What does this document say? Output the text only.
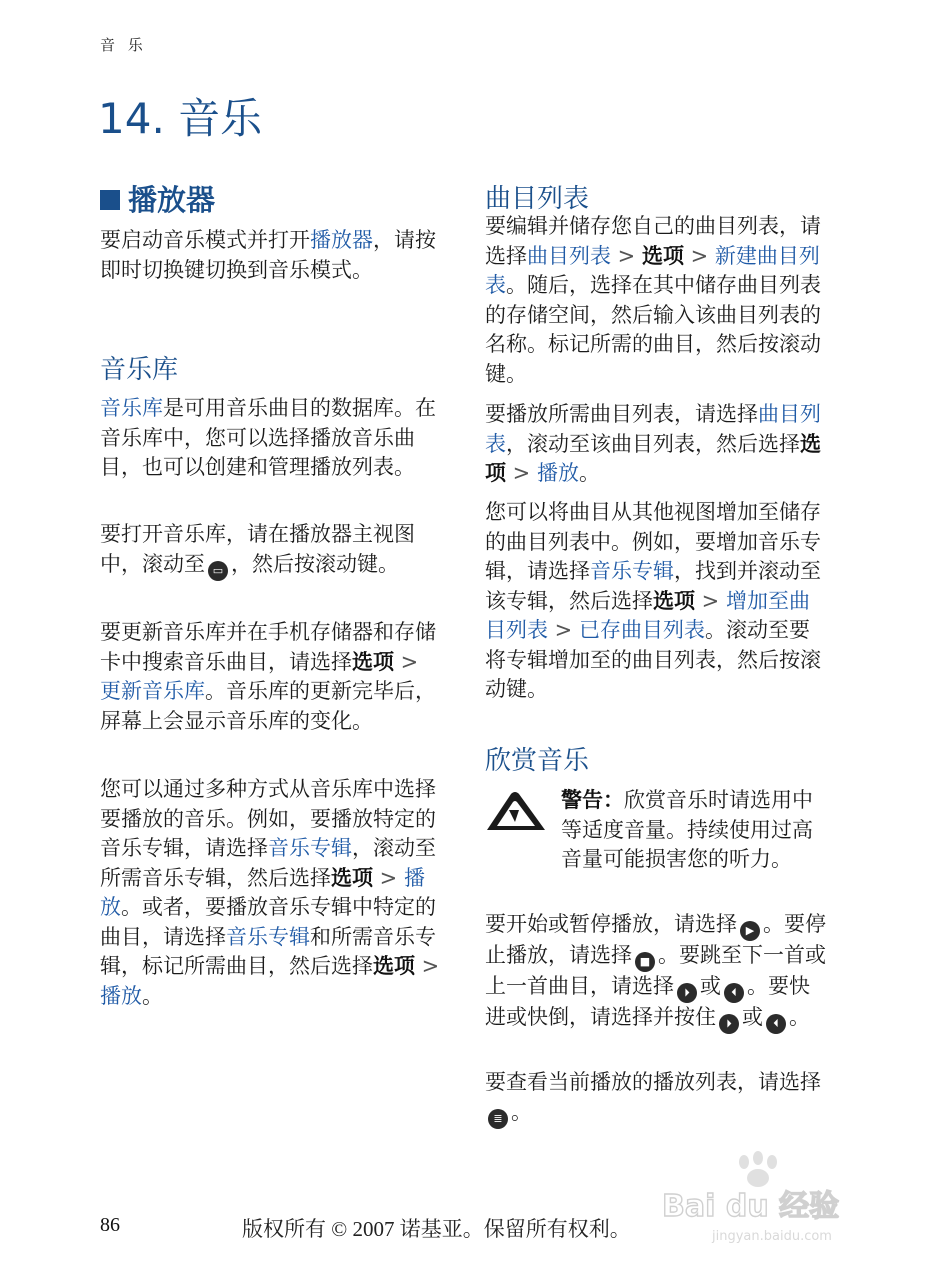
音 乐
14. 音乐
播放器

要启动音乐模式并打开播放器，请按即时切换键切换到音乐模式。

音乐库

音乐库是可用音乐曲目的数据库。在音乐库中，您可以选择播放音乐曲目，也可以创建和管理播放列表。

要打开音乐库，请在播放器主视图中，滚动至 ▭ ，然后按滚动键。

要更新音乐库并在手机存储器和存储卡中搜索音乐曲目，请选择选项 > 更新音乐库。音乐库的更新完毕后，屏幕上会显示音乐库的变化。

您可以通过多种方式从音乐库中选择要播放的音乐。例如，要播放特定的音乐专辑，请选择音乐专辑，滚动至所需音乐专辑，然后选择选项 > 播放。或者，要播放音乐专辑中特定的曲目，请选择音乐专辑和所需音乐专辑，标记所需曲目，然后选择选项 > 播放。

曲目列表

要编辑并储存您自己的曲目列表，请选择曲目列表 > 选项 > 新建曲目列表。随后，选择在其中储存曲目列表的存储空间，然后输入该曲目列表的名称。标记所需的曲目，然后按滚动键。

要播放所需曲目列表，请选择曲目列表，滚动至该曲目列表，然后选择选项 > 播放。

您可以将曲目从其他视图增加至储存的曲目列表中。例如，要增加音乐专辑，请选择音乐专辑，找到并滚动至该专辑，然后选择选项 > 增加至曲目列表 > 已存曲目列表。滚动至要将专辑增加至的曲目列表，然后按滚动键。

欣赏音乐

警告：欣赏音乐时请选用中等适度音量。持续使用过高音量可能损害您的听力。

要开始或暂停播放，请选择 ▶ 。要停止播放，请选择 ■ 。要跳至下一首或上一首曲目，请选择 ⏵ 或 ⏴ 。要快进或快倒，请选择并按住 ⏵ 或 ⏴ 。

要查看当前播放的播放列表，请选择≣ 。

86	版权所有 © 2007 诺基亚。保留所有权利。
Bai du 经验
jingyan.baidu.com
